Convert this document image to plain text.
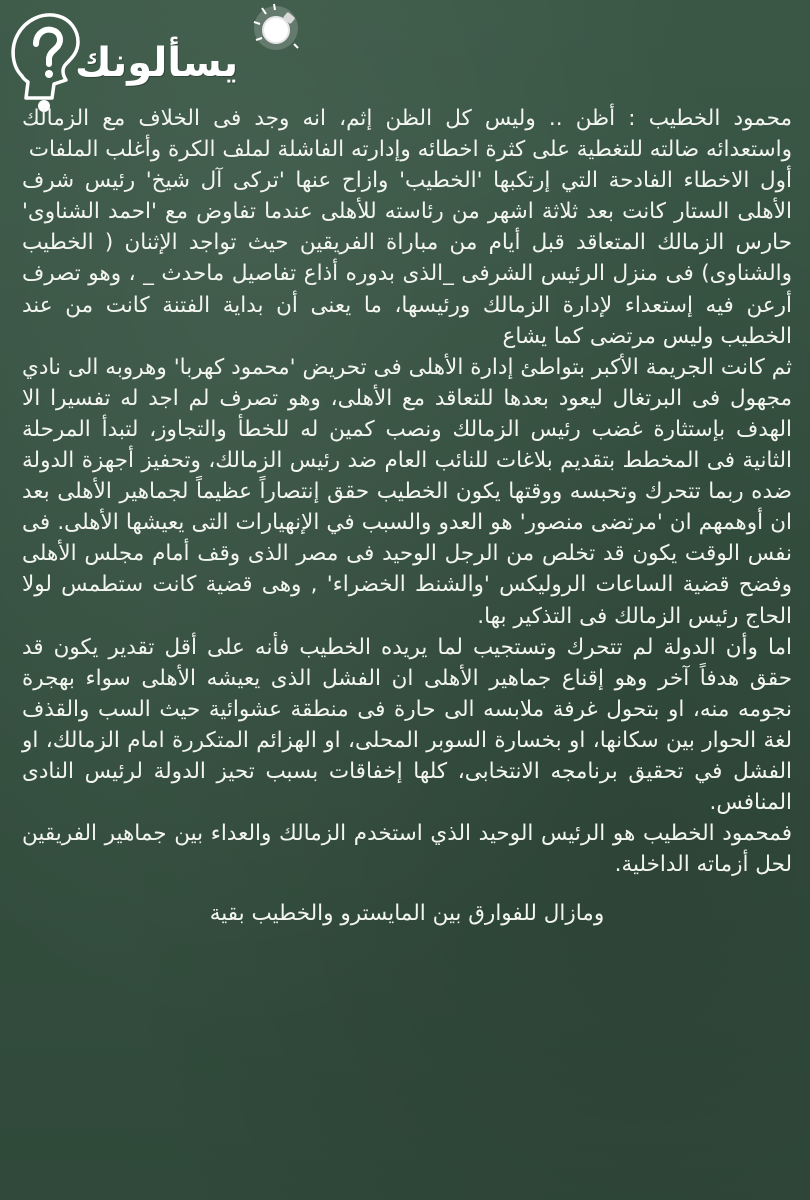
يسألونك

محمود الخطيب : أظن .. وليس كل الظن إثم، انه وجد فى الخلاف مع الزمالك واستعدائه ضالته للتغطية على كثرة اخطائه وإدارته الفاشلة لملف الكرة وأغلب الملفات

أول الاخطاء الفادحة التي إرتكبها 'الخطيب' وازاح عنها 'تركى آل شيخ' رئيس شرف الأهلى الستار كانت بعد ثلاثة اشهر من رئاسته للأهلى عندما تفاوض مع 'احمد الشناوى' حارس الزمالك المتعاقد قبل أيام من مباراة الفريقين حيث تواجد الإثنان ( الخطيب والشناوى) فى منزل الرئيس الشرفى _الذى بدوره أذاع تفاصيل ماحدث _ ، وهو تصرف أرعن فيه إستعداء لإدارة الزمالك ورئيسها، ما يعنى أن بداية الفتنة كانت من عند الخطيب وليس مرتضى كما يشاع

ثم كانت الجريمة الأكبر بتواطئ إدارة الأهلى فى تحريض 'محمود كهربا' وهروبه الى نادي مجهول فى البرتغال ليعود بعدها للتعاقد مع الأهلى، وهو تصرف لم اجد له تفسيرا الا الهدف بإستثارة غضب رئيس الزمالك ونصب كمين له للخطأ والتجاوز، لتبدأ المرحلة الثانية فى المخطط بتقديم بلاغات للنائب العام ضد رئيس الزمالك، وتحفيز أجهزة الدولة ضده ربما تتحرك وتحبسه ووقتها يكون الخطيب حقق إنتصاراً عظيماً لجماهير الأهلى بعد ان أوهمهم ان 'مرتضى منصور' هو العدو والسبب في الإنهيارات التى يعيشها الأهلى. فى نفس الوقت يكون قد تخلص من الرجل الوحيد فى مصر الذى وقف أمام مجلس الأهلى وفضح قضية الساعات الروليكس 'والشنط الخضراء' , وهى قضية كانت ستطمس لولا الحاج رئيس الزمالك فى التذكير بها.

اما وأن الدولة لم تتحرك وتستجيب لما يريده الخطيب فأنه على أقل تقدير يكون قد حقق هدفاً آخر وهو إقناع جماهير الأهلى ان الفشل الذى يعيشه الأهلى سواء بهجرة نجومه منه، او بتحول غرفة ملابسه الى حارة فى منطقة عشوائية حيث السب والقذف لغة الحوار بين سكانها، او بخسارة السوبر المحلى، او الهزائم المتكررة امام الزمالك، او الفشل في تحقيق برنامجه الانتخابى، كلها إخفاقات بسبب تحيز الدولة لرئيس النادى المنافس.

فمحمود الخطيب هو الرئيس الوحيد الذي استخدم الزمالك والعداء بين جماهير الفريقين لحل أزماته الداخلية.

ومازال للفوارق بين المايسترو والخطيب بقية
